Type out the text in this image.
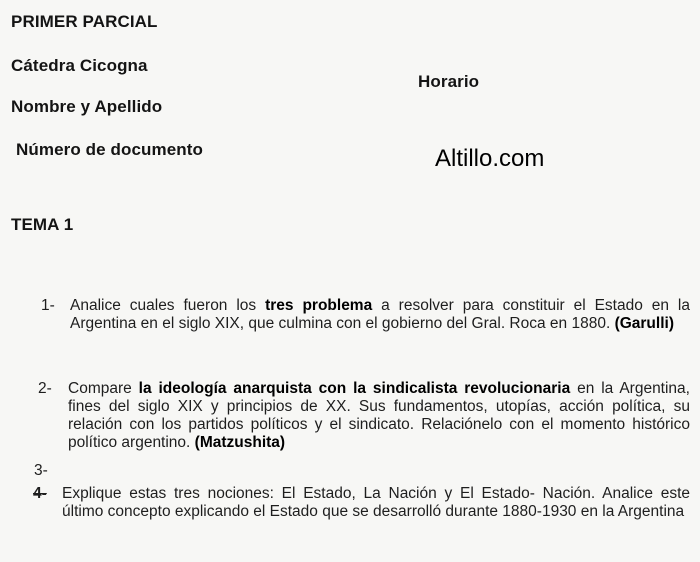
PRIMER PARCIAL
Cátedra Cicogna
Horario
Nombre y Apellido
Número de documento	Altillo.com
TEMA 1
1- Analice cuales fueron los tres problema a resolver para constituir el Estado en la Argentina en el siglo XIX, que culmina con el gobierno del Gral. Roca en 1880. (Garulli)
2- Compare la ideología anarquista con la sindicalista revolucionaria en la Argentina, fines del siglo XIX y principios de XX. Sus fundamentos, utopías, acción política, su relación con los partidos políticos y el sindicato. Relaciónelo con el momento histórico político argentino. (Matzushita)
3-
4- Explique estas tres nociones: El Estado, La Nación y El Estado- Nación. Analice este último concepto explicando el Estado que se desarrolló durante 1880-1930 en la Argentina
